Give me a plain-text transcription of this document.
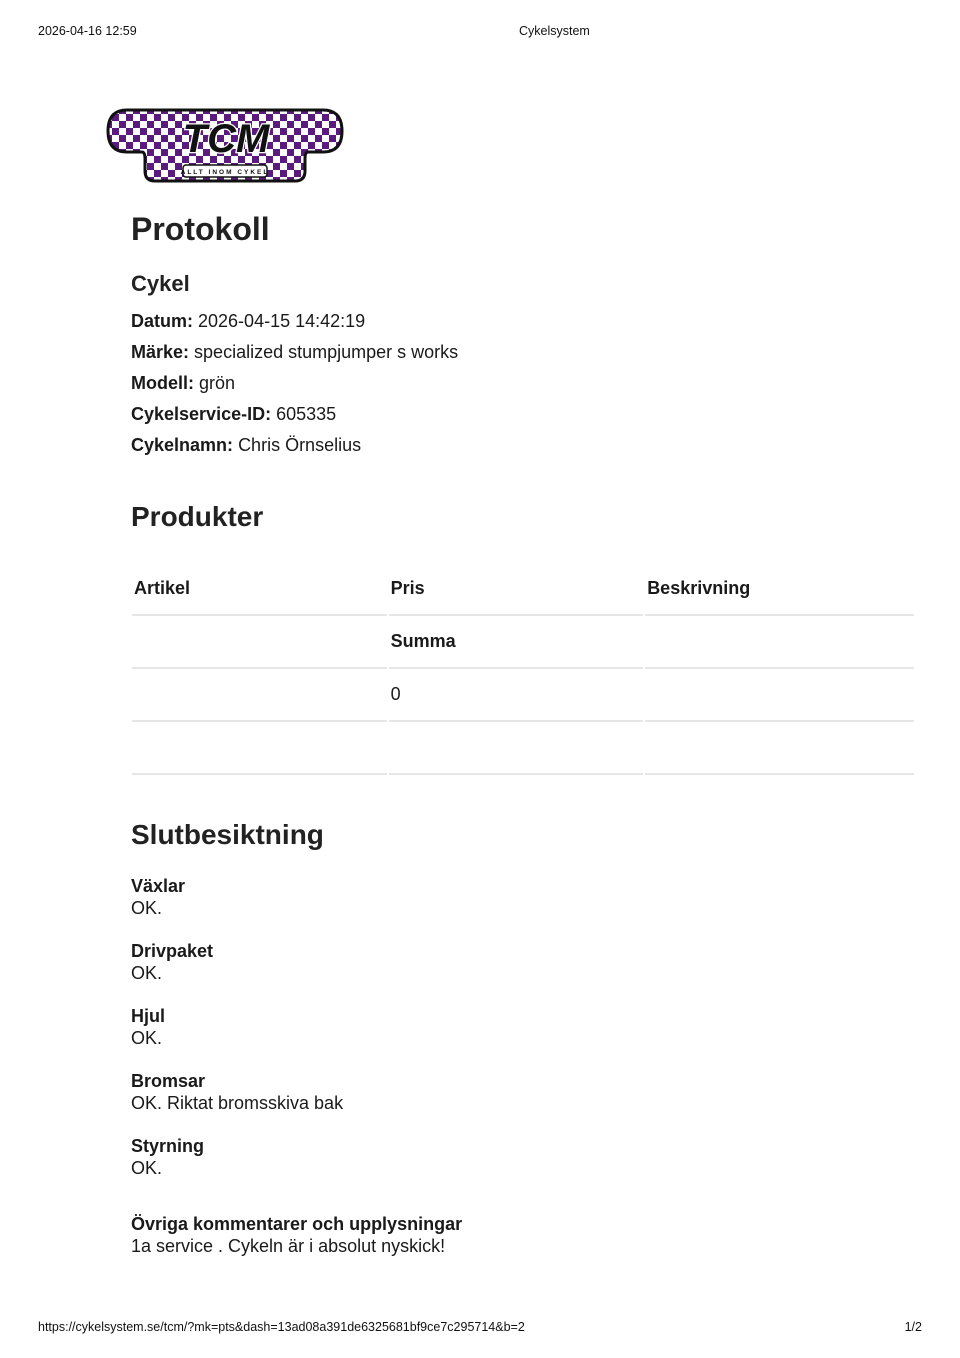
2026-04-16 12:59	Cykelsystem
ALLT INOM CYKEL
TCM
Protokoll
Cykel
Datum: 2026-04-15 14:42:19
Märke: specialized stumpjumper s works
Modell: grön
Cykelservice-ID: 605335
Cykelnamn: Chris Örnselius
Produkter
Artikel	Pris	Beskrivning
	Summa	
	0	

Slutbesiktning
Växlar
OK.
Drivpaket
OK.
Hjul
OK.
Bromsar
OK. Riktat bromsskiva bak
Styrning
OK.
Övriga kommentarer och upplysningar
1a service . Cykeln är i absolut nyskick!
https://cykelsystem.se/tcm/?mk=pts&dash=13ad08a391de6325681bf9ce7c295714&b=2	1/2
